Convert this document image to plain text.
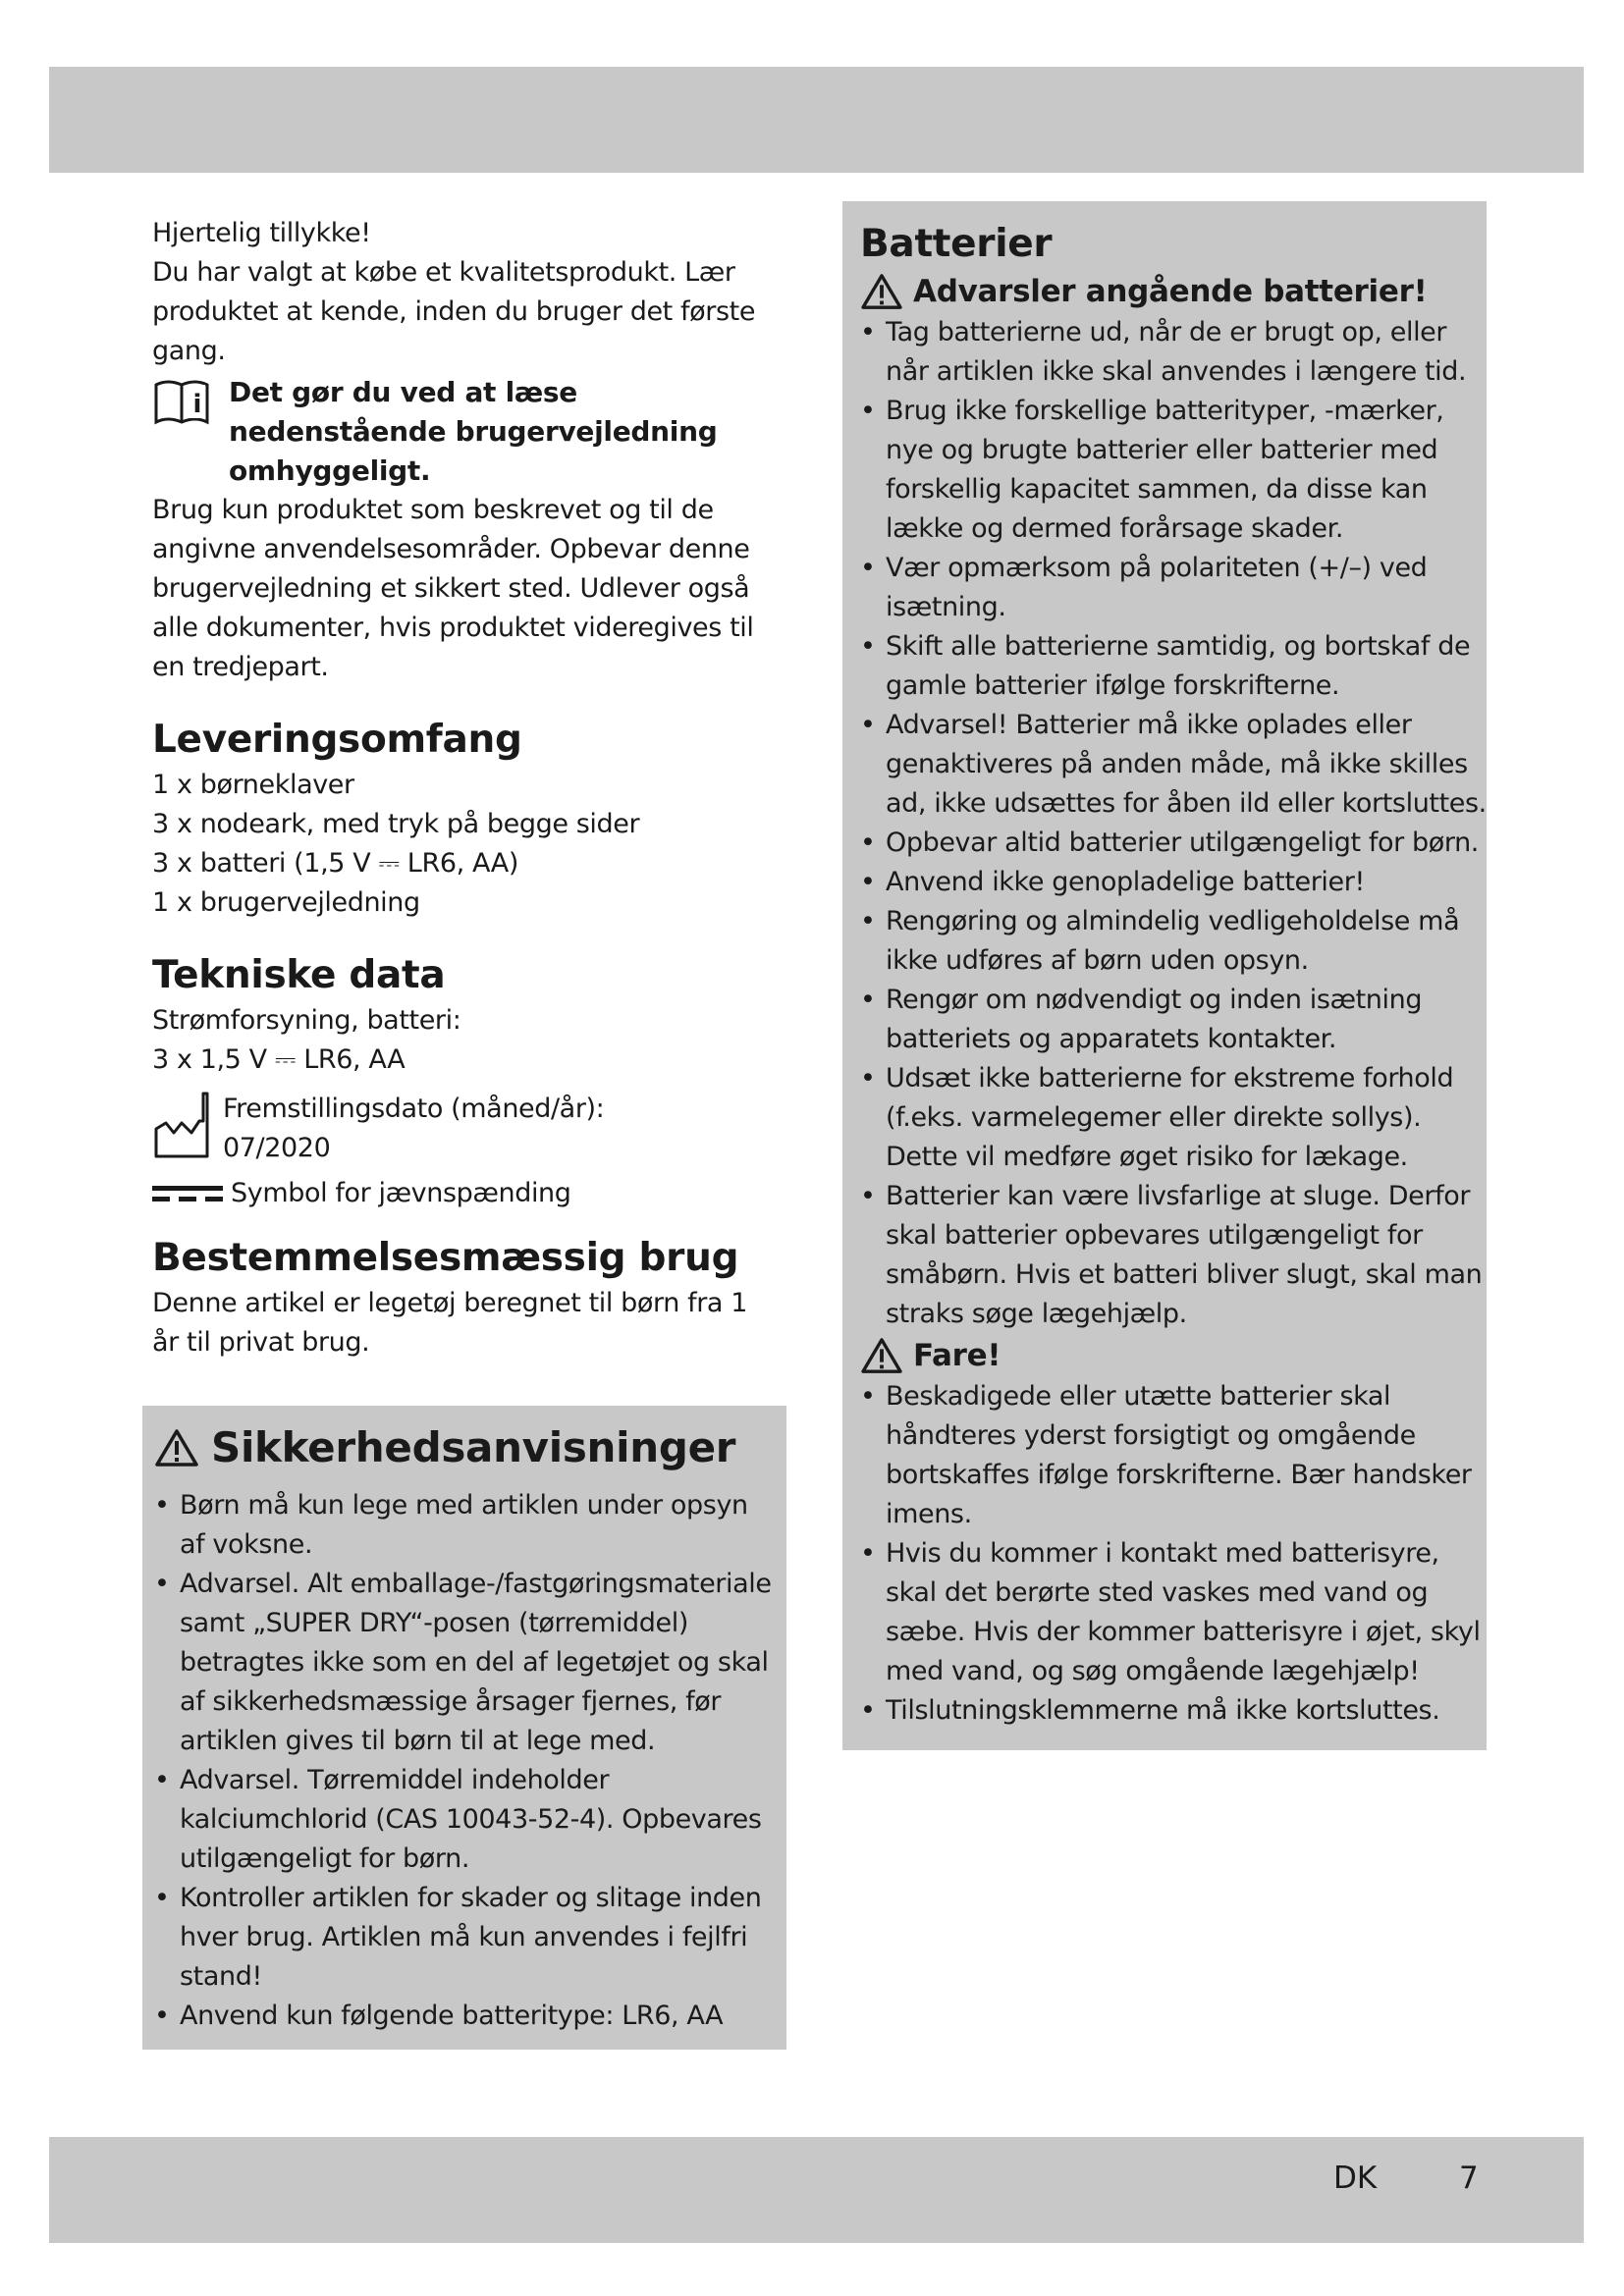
Hjertelig tillykke!

Du har valgt at købe et kvalitetsprodukt. Lær produktet at kende, inden du bruger det første gang.

i Det gør du ved at læse nedenstående brugervejledning omhyggeligt.

Brug kun produktet som beskrevet og til de angivne anvendelsesområder. Opbevar denne brugervejledning et sikkert sted. Udlever også alle dokumenter, hvis produktet videregives til en tredjepart.

Leveringsomfang

1 x børneklaver

3 x nodeark, med tryk på begge sider

3 x batteri (1,5 V ⎓ LR6, AA)

1 x brugervejledning

Tekniske data

Strømforsyning, batteri:

3 x 1,5 V ⎓ LR6, AA

Fremstillingsdato (måned/år):

07/2020

Symbol for jævnspænding

Bestemmelsesmæssig brug

Denne artikel er legetøj beregnet til børn fra 1 år til privat brug.

Sikkerhedsanvisninger
• Børn må kun lege med artiklen under opsyn af voksne.
• Advarsel. Alt emballage-/fastgøringsmateriale samt „SUPER DRY“-posen (tørremiddel) betragtes ikke som en del af legetøjet og skal af sikkerhedsmæssige årsager fjernes, før artiklen gives til børn til at lege med.
• Advarsel. Tørremiddel indeholder kalciumchlorid (CAS 10043-52-4). Opbevares utilgængeligt for børn.
• Kontroller artiklen for skader og slitage inden hver brug. Artiklen må kun anvendes i fejlfri stand!
• Anvend kun følgende batteritype: LR6, AA
Batterier
Advarsler angående batterier!
• Tag batterierne ud, når de er brugt op, eller når artiklen ikke skal anvendes i længere tid.
• Brug ikke forskellige batterityper, -mærker, nye og brugte batterier eller batterier med forskellig kapacitet sammen, da disse kan lække og dermed forårsage skader.
• Vær opmærksom på polariteten (+/–) ved isætning.
• Skift alle batterierne samtidig, og bortskaf de gamle batterier ifølge forskrifterne.
• Advarsel! Batterier må ikke oplades eller genaktiveres på anden måde, må ikke skilles ad, ikke udsættes for åben ild eller kortsluttes.
• Opbevar altid batterier utilgængeligt for børn.
• Anvend ikke genopladelige batterier!
• Rengøring og almindelig vedligeholdelse må ikke udføres af børn uden opsyn.
• Rengør om nødvendigt og inden isætning batteriets og apparatets kontakter.
• Udsæt ikke batterierne for ekstreme forhold (f.eks. varmelegemer eller direkte sollys). Dette vil medføre øget risiko for lækage.
• Batterier kan være livsfarlige at sluge. Derfor skal batterier opbevares utilgængeligt for småbørn. Hvis et batteri bliver slugt, skal man straks søge lægehjælp.
Fare!
• Beskadigede eller utætte batterier skal håndteres yderst forsigtigt og omgående bortskaffes ifølge forskrifterne. Bær handsker imens.
• Hvis du kommer i kontakt med batterisyre, skal det berørte sted vaskes med vand og sæbe. Hvis der kommer batterisyre i øjet, skyl med vand, og søg omgående lægehjælp!
• Tilslutningsklemmerne må ikke kortsluttes.
DK	7
